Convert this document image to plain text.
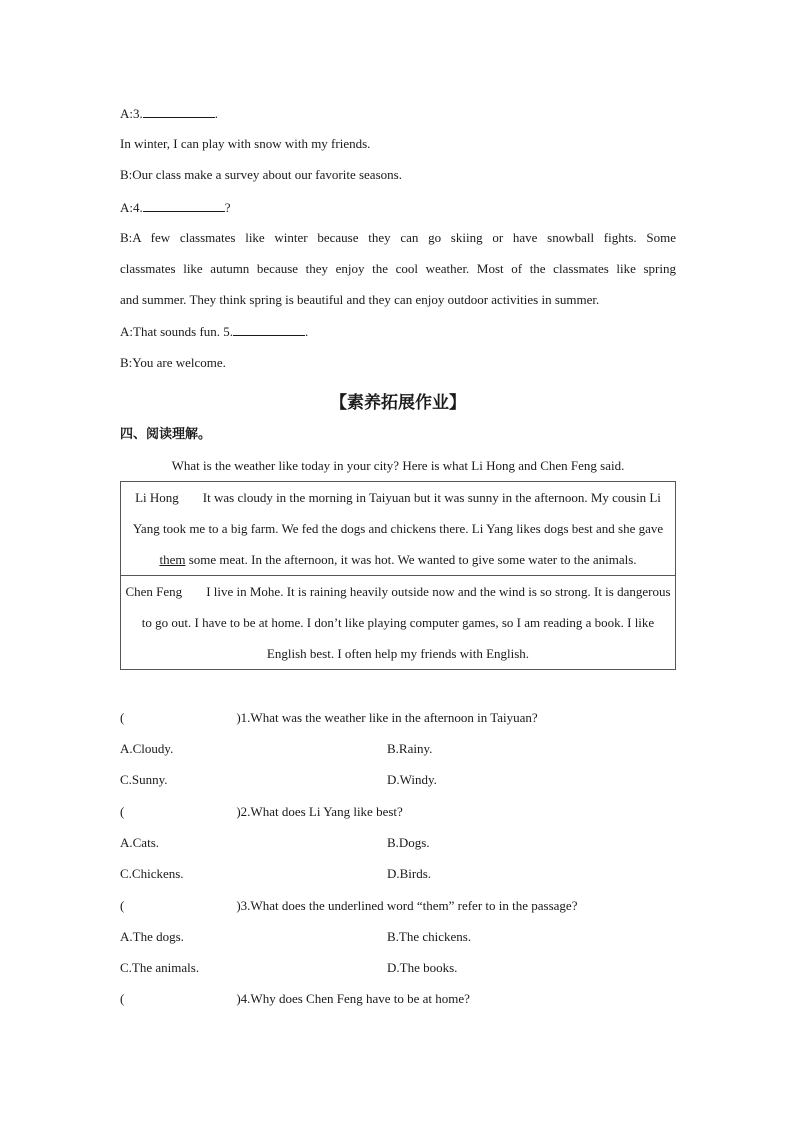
A:3.	.
In winter, I can play with snow with my friends.
B:Our class make a survey about our favorite seasons.
A:4.	?
B:A few classmates like winter because they can go skiing or have snowball fights. Some
classmates like autumn because they enjoy the cool weather. Most of the classmates like spring
and summer. They think spring is beautiful and they can enjoy outdoor activities in summer.
A:That sounds fun. 5.	.
B:You are welcome.
【素养拓展作业】
四、阅读理解。
What is the weather like today in your city? Here is what Li Hong and Chen Feng said.
Li Hong It was cloudy in the morning in Taiyuan but it was sunny in the afternoon. My cousin Li Yang took me to a big farm. We fed the dogs and chickens there. Li Yang likes dogs best and she gave them some meat. In the afternoon, it was hot. We wanted to give some water to the animals.
Chen Feng I live in Mohe. It is raining heavily outside now and the wind is so strong. It is dangerous to go out. I have to be at home. I don’t like playing computer games, so I am reading a book. I like English best. I often help my friends with English.
(	)1.What was the weather like in the afternoon in Taiyuan?
A.Cloudy.	B.Rainy.
C.Sunny.	D.Windy.
(	)2.What does Li Yang like best?
A.Cats.	B.Dogs.
C.Chickens.	D.Birds.
(	)3.What does the underlined word “them” refer to in the passage?
A.The dogs.	B.The chickens.
C.The animals.	D.The books.
(	)4.Why does Chen Feng have to be at home?
